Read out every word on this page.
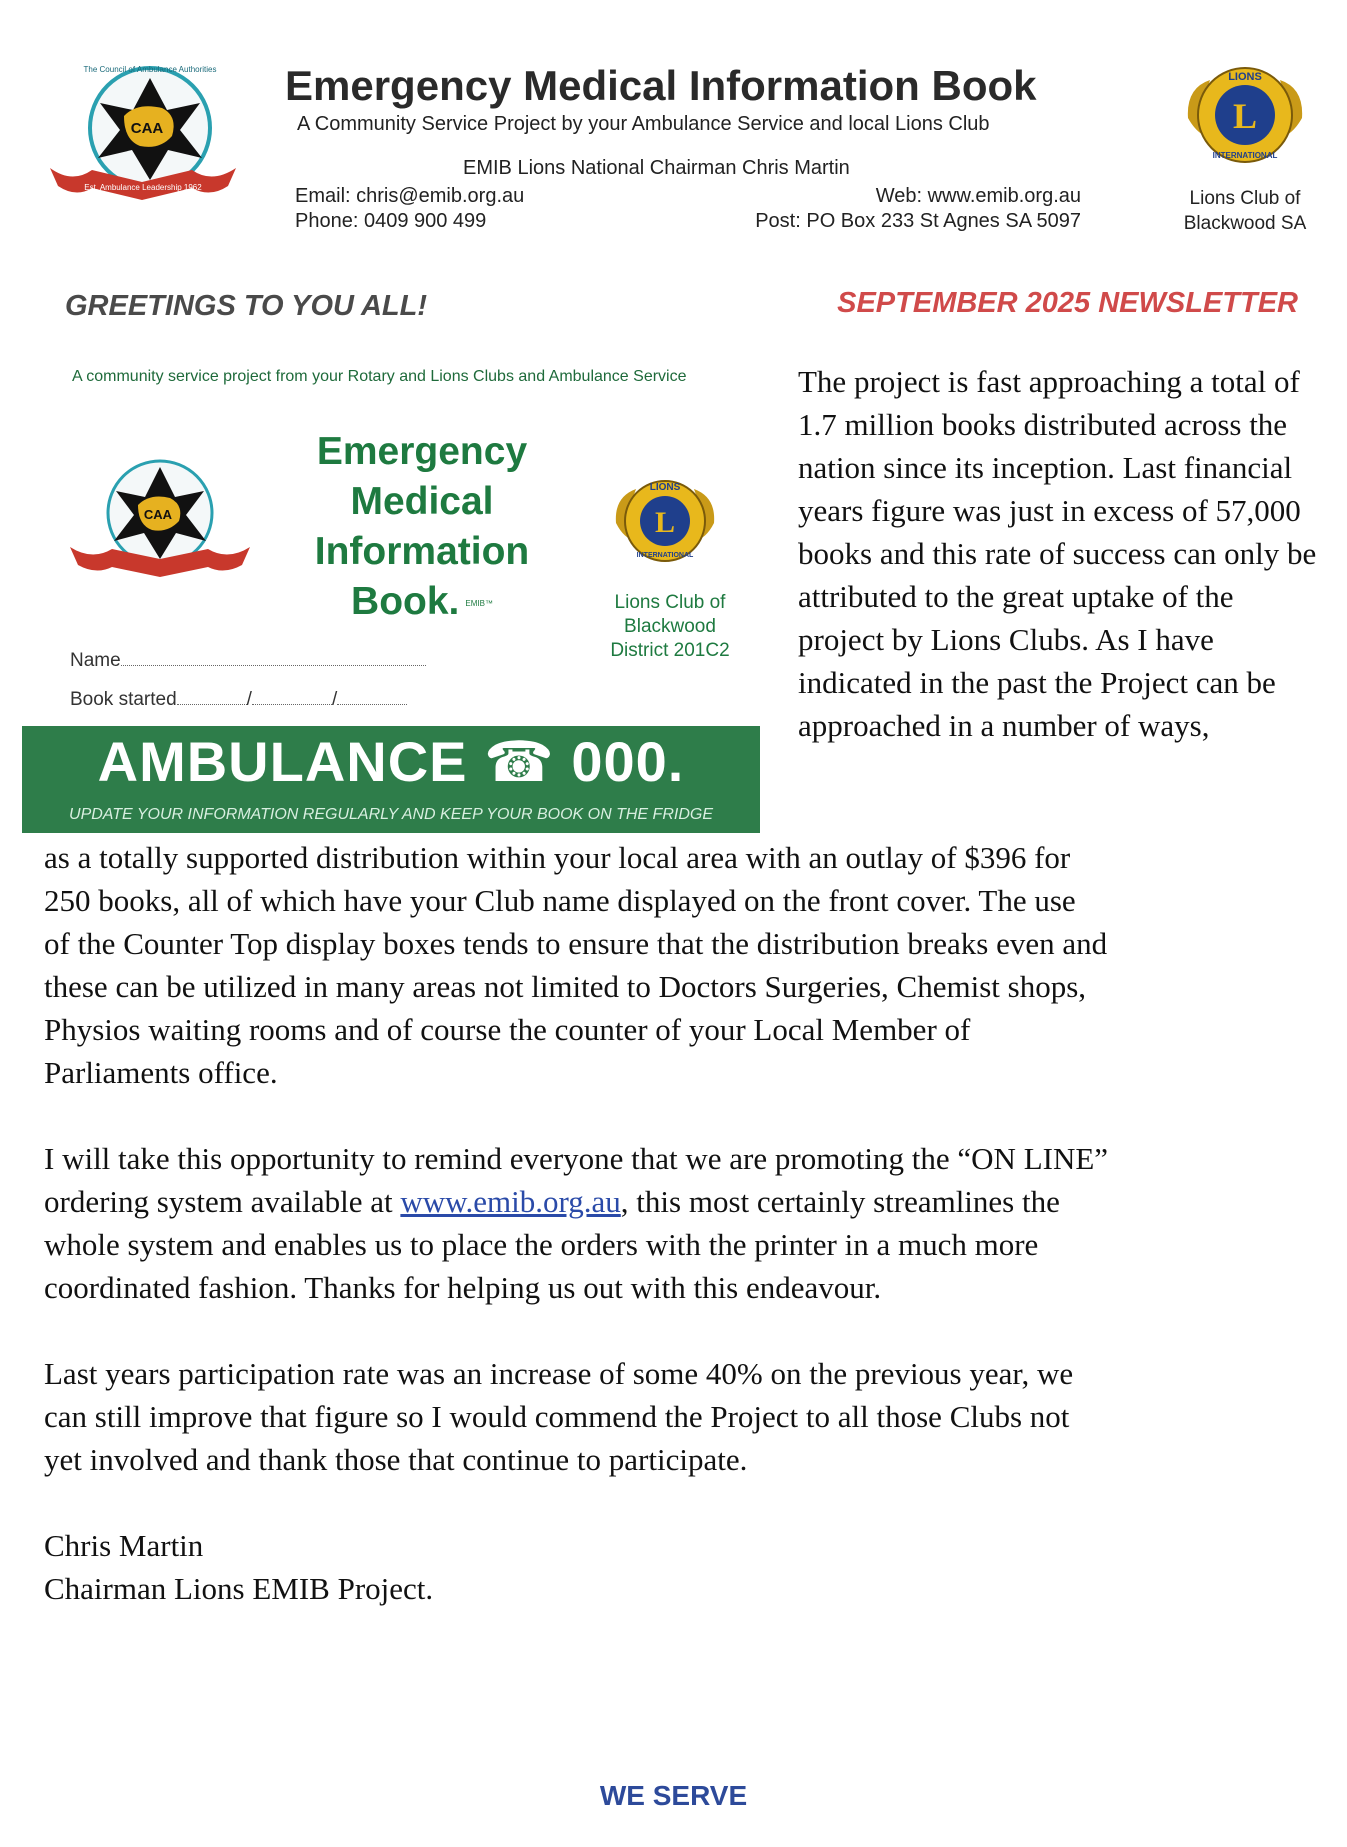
CAA
Est. Ambulance Leadership 1962
The Council of Ambulance Authorities Emergency Medical Information Book
A Community Service Project by your Ambulance Service and local Lions Club
EMIB Lions National Chairman Chris Martin
Email: chris@emib.org.au
Phone: 0409 900 499
Web: www.emib.org.au
Post: PO Box 233 St Agnes SA 5097
L
LIONS
INTERNATIONAL
Lions Club of
Blackwood SA
GREETINGS TO YOU ALL!	SEPTEMBER 2025 NEWSLETTER
A community service project from your Rotary and Lions Clubs and Ambulance Service
CAA
Emergency
Medical
Information
Book. EMIB™
L
LIONS
INTERNATIONAL
Lions Club of
Blackwood
District 201C2
Name
Book started	/	/
AMBULANCE ☎ 000.
UPDATE YOUR INFORMATION REGULARLY AND KEEP YOUR BOOK ON THE FRIDGE
The project is fast approaching a total of 1.7 million books distributed across the nation since its inception. Last financial years figure was just in excess of 57,000 books and this rate of success can only be attributed to the great uptake of the project by Lions Clubs. As I have indicated in the past the Project can be approached in a number of ways,
as a totally supported distribution within your local area with an outlay of $396 for
250 books, all of which have your Club name displayed on the front cover. The use
of the Counter Top display boxes tends to ensure that the distribution breaks even and
these can be utilized in many areas not limited to Doctors Surgeries, Chemist shops,
Physios waiting rooms and of course the counter of your Local Member of
Parliaments office.
I will take this opportunity to remind everyone that we are promoting the “ON LINE”
ordering system available at www.emib.org.au, this most certainly streamlines the
whole system and enables us to place the orders with the printer in a much more
coordinated fashion. Thanks for helping us out with this endeavour.
Last years participation rate was an increase of some 40% on the previous year, we
can still improve that figure so I would commend the Project to all those Clubs not
yet involved and thank those that continue to participate.
Chris Martin
Chairman Lions EMIB Project.
WE SERVE
